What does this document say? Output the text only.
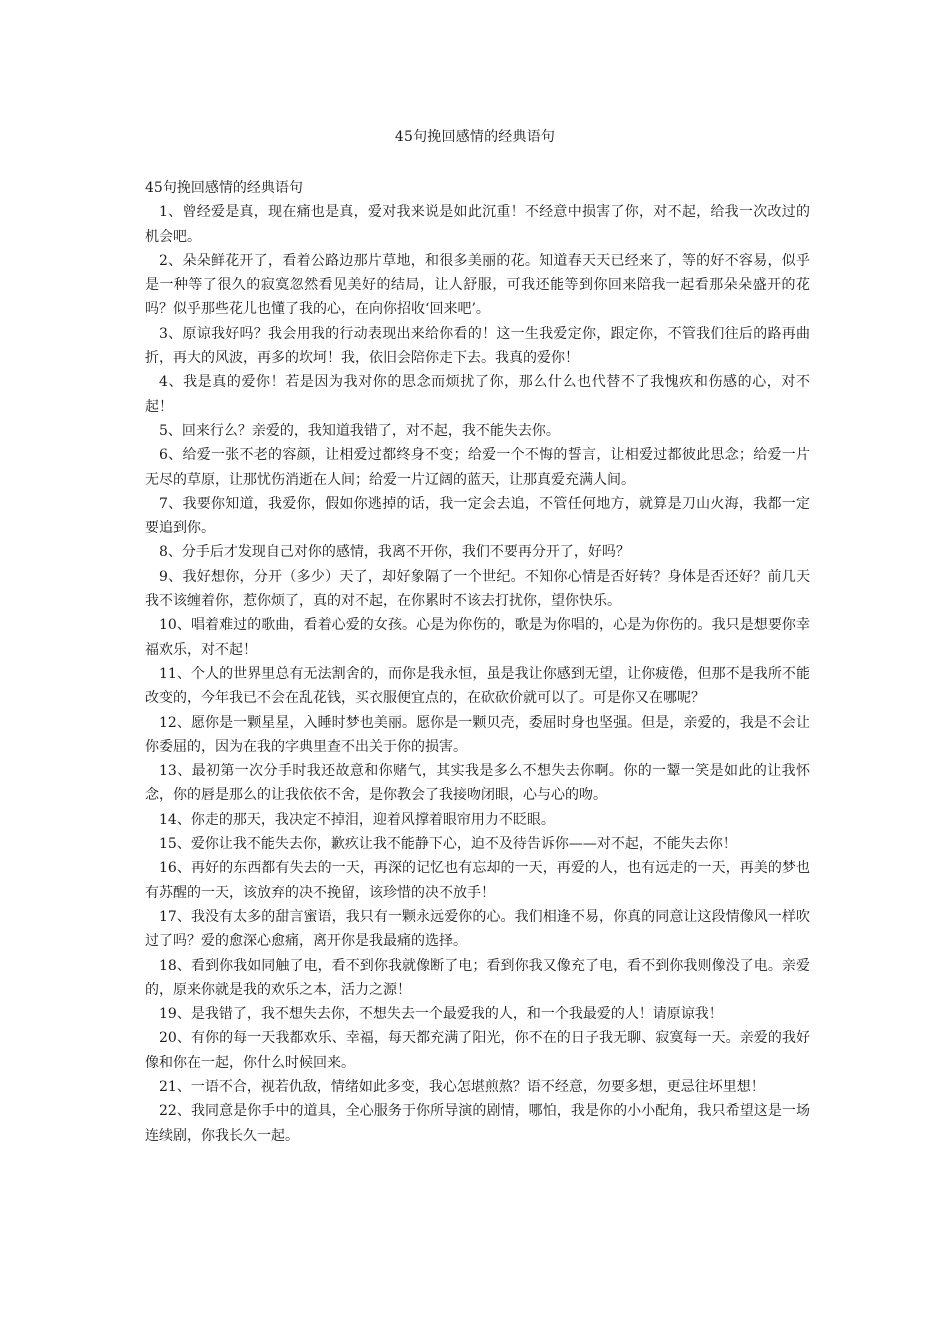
45句挽回感情的经典语句

45句挽回感情的经典语句

1、曾经爱是真，现在痛也是真，爱对我来说是如此沉重！不经意中损害了你，对不起，给我一次改过的机会吧。

2、朵朵鲜花开了，看着公路边那片草地，和很多美丽的花。知道春天天已经来了，等的好不容易，似乎是一种等了很久的寂寞忽然看见美好的结局，让人舒服，可我还能等到你回来陪我一起看那朵朵盛开的花吗？似乎那些花儿也懂了我的心，在向你招收‘回来吧’。

3、原谅我好吗？我会用我的行动表现出来给你看的！这一生我爱定你，跟定你，不管我们往后的路再曲折，再大的风波，再多的坎坷！我，依旧会陪你走下去。我真的爱你！

4、我是真的爱你！若是因为我对你的思念而烦扰了你，那么什么也代替不了我愧疚和伤感的心，对不起！

5、回来行么？亲爱的，我知道我错了，对不起，我不能失去你。

6、给爱一张不老的容颜，让相爱过都终身不变；给爱一个不悔的誓言，让相爱过都彼此思念；给爱一片无尽的草原，让那忧伤消逝在人间；给爱一片辽阔的蓝天，让那真爱充满人间。

7、我要你知道，我爱你，假如你逃掉的话，我一定会去追，不管任何地方，就算是刀山火海，我都一定要追到你。

8、分手后才发现自己对你的感情，我离不开你，我们不要再分开了，好吗？

9、我好想你，分开（多少）天了，却好象隔了一个世纪。不知你心情是否好转？身体是否还好？前几天我不该缠着你，惹你烦了，真的对不起，在你累时不该去打扰你，望你快乐。

10、唱着难过的歌曲，看着心爱的女孩。心是为你伤的，歌是为你唱的，心是为你伤的。我只是想要你幸福欢乐，对不起！

11、个人的世界里总有无法割舍的，而你是我永恒，虽是我让你感到无望，让你疲倦，但那不是我所不能改变的，今年我已不会在乱花钱，买衣服便宜点的，在砍砍价就可以了。可是你又在哪呢？

12、愿你是一颗星星，入睡时梦也美丽。愿你是一颗贝壳，委屈时身也坚强。但是，亲爱的，我是不会让你委屈的，因为在我的字典里查不出关于你的损害。

13、最初第一次分手时我还故意和你赌气，其实我是多么不想失去你啊。你的一颦一笑是如此的让我怀念，你的唇是那么的让我依依不舍，是你教会了我接吻闭眼，心与心的吻。

14、你走的那天，我决定不掉泪，迎着风撑着眼帘用力不眨眼。

15、爱你让我不能失去你，歉疚让我不能静下心，迫不及待告诉你——对不起，不能失去你！

16、再好的东西都有失去的一天，再深的记忆也有忘却的一天，再爱的人，也有远走的一天，再美的梦也有苏醒的一天，该放弃的决不挽留，该珍惜的决不放手！

17、我没有太多的甜言蜜语，我只有一颗永远爱你的心。我们相逢不易，你真的同意让这段情像风一样吹过了吗？爱的愈深心愈痛，离开你是我最痛的选择。

18、看到你我如同触了电，看不到你我就像断了电；看到你我又像充了电，看不到你我则像没了电。亲爱的，原来你就是我的欢乐之本，活力之源！

19、是我错了，我不想失去你，不想失去一个最爱我的人，和一个我最爱的人！请原谅我！

20、有你的每一天我都欢乐、幸福，每天都充满了阳光，你不在的日子我无聊、寂寞每一天。亲爱的我好像和你在一起，你什么时候回来。

21、一语不合，视若仇敌，情绪如此多变，我心怎堪煎熬？语不经意，勿要多想，更忌往坏里想！

22、我同意是你手中的道具，全心服务于你所导演的剧情，哪怕，我是你的小小配角，我只希望这是一场连续剧，你我长久一起。
